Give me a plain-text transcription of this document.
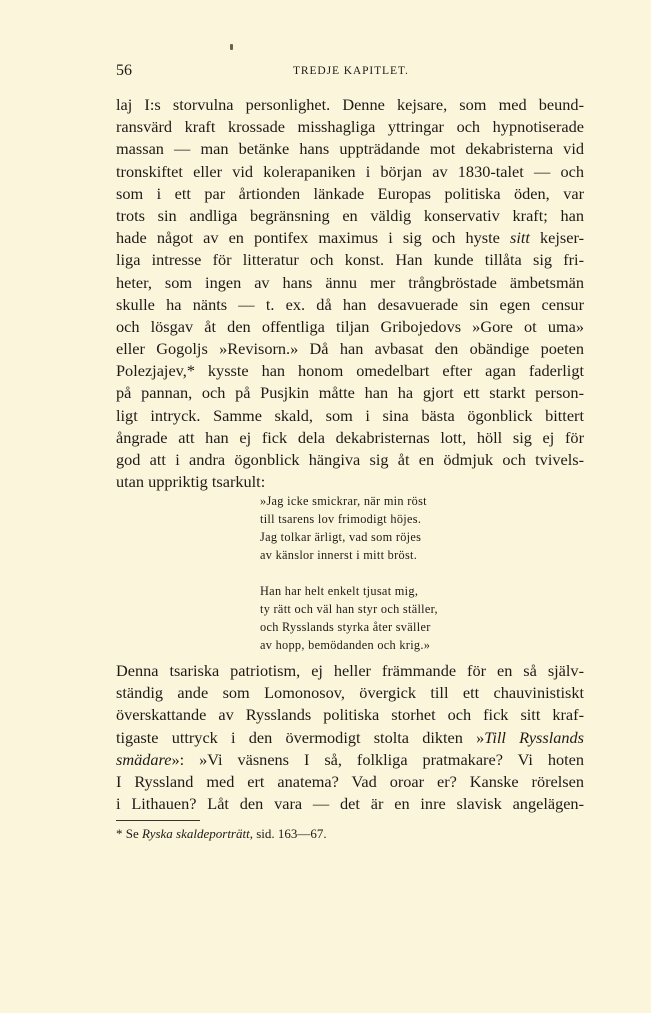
56	TREDJE KAPITLET.
laj I:s storvulna personlighet. Denne kejsare, som med beund-
ransvärd kraft krossade misshagliga yttringar och hypnotiserade
massan — man betänke hans uppträdande mot dekabristerna vid
tronskiftet eller vid kolerapaniken i början av 1830-talet — och
som i ett par årtionden länkade Europas politiska öden, var
trots sin andliga begränsning en väldig konservativ kraft; han
hade något av en pontifex maximus i sig och hyste sitt kejser-
liga intresse för litteratur och konst. Han kunde tillåta sig fri-
heter, som ingen av hans ännu mer trångbröstade ämbetsmän
skulle ha nänts — t. ex. då han desavuerade sin egen censur
och lösgav åt den offentliga tiljan Gribojedovs »Gore ot uma»
eller Gogoljs »Revisorn.» Då han avbasat den obändige poeten
Polezjajev,* kysste han honom omedelbart efter agan faderligt
på pannan, och på Pusjkin måtte han ha gjort ett starkt person-
ligt intryck. Samme skald, som i sina bästa ögonblick bittert
ångrade att han ej fick dela dekabristernas lott, höll sig ej för
god att i andra ögonblick hängiva sig åt en ödmjuk och tvivels-
utan uppriktig tsarkult:
»Jag icke smickrar, när min röst
till tsarens lov frimodigt höjes.
Jag tolkar ärligt, vad som röjes
av känslor innerst i mitt bröst.
Han har helt enkelt tjusat mig,
ty rätt och väl han styr och ställer,
och Rysslands styrka åter sväller
av hopp, bemödanden och krig.»
Denna tsariska patriotism, ej heller främmande för en så själv-
ständig ande som Lomonosov, övergick till ett chauvinistiskt
överskattande av Rysslands politiska storhet och fick sitt kraf-
tigaste uttryck i den övermodigt stolta dikten »Till Rysslands
smädare»: »Vi väsnens I så, folkliga pratmakare? Vi hoten
I Ryssland med ert anatema? Vad oroar er? Kanske rörelsen
i Lithauen? Låt den vara — det är en inre slavisk angelägen-
* Se Ryska skaldeporträtt, sid. 163—67.
